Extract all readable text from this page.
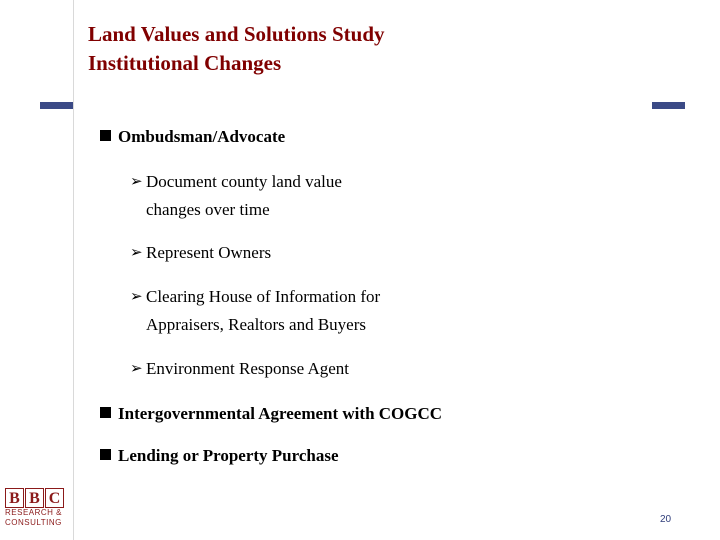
Land Values and Solutions Study
Institutional Changes
Ombudsman/Advocate
➢ Document county land value
changes over time
➢ Represent Owners
➢ Clearing House of Information for
Appraisers, Realtors and Buyers
➢ Environment Response Agent
Intergovernmental Agreement with COGCC
Lending or Property Purchase
B B C
RESEARCH &
CONSULTING	20
